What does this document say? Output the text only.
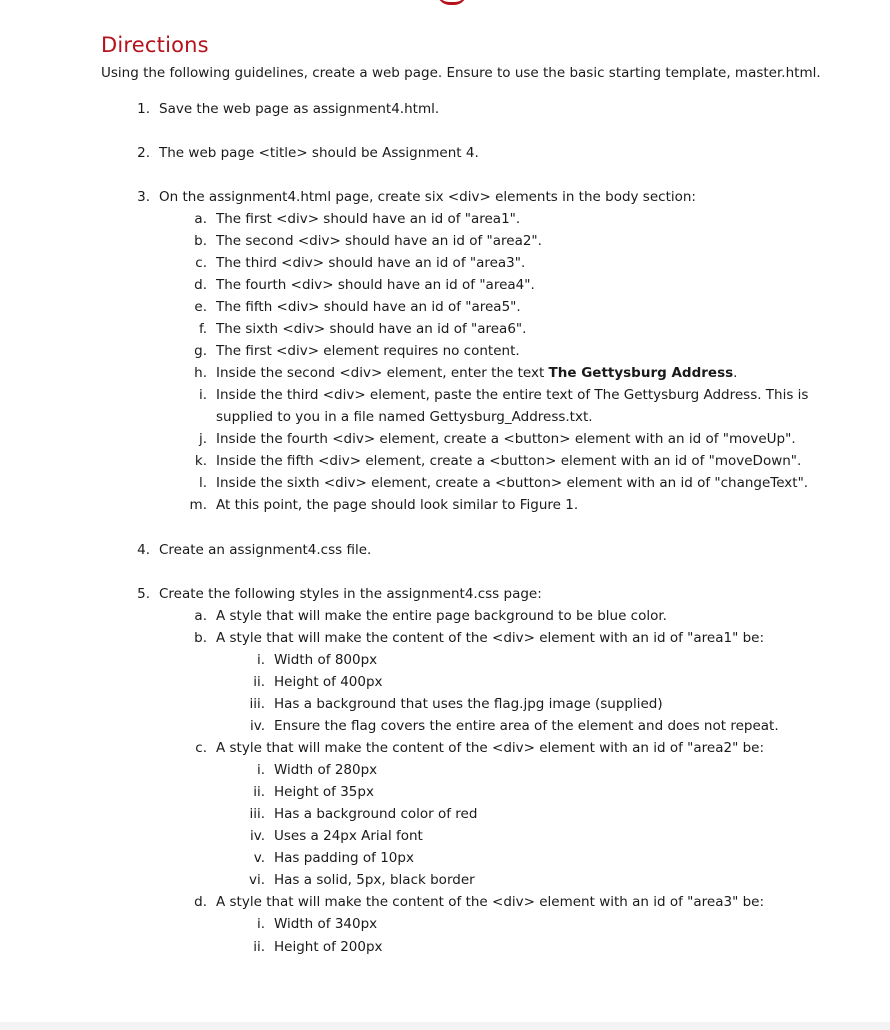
Directions

Using the following guidelines, create a web page. Ensure to use the basic starting template, master.html.

1. Save the web page as assignment4.html.
2. The web page <title> should be Assignment 4.
3. On the assignment4.html page, create six <div> elements in the body section:
a. The first <div> should have an id of "area1".
b. The second <div> should have an id of "area2".
c. The third <div> should have an id of "area3".
d. The fourth <div> should have an id of "area4".
e. The fifth <div> should have an id of "area5".
f. The sixth <div> should have an id of "area6".
g. The first <div> element requires no content.
h. Inside the second <div> element, enter the text The Gettysburg Address.
i. Inside the third <div> element, paste the entire text of The Gettysburg Address. This is
supplied to you in a file named Gettysburg_Address.txt.
j. Inside the fourth <div> element, create a <button> element with an id of "moveUp".
k. Inside the fifth <div> element, create a <button> element with an id of "moveDown".
l. Inside the sixth <div> element, create a <button> element with an id of "changeText".
m. At this point, the page should look similar to Figure 1.
4. Create an assignment4.css file.
5. Create the following styles in the assignment4.css page:
a. A style that will make the entire page background to be blue color.
b. A style that will make the content of the <div> element with an id of "area1" be:
i. Width of 800px
ii. Height of 400px
iii. Has a background that uses the flag.jpg image (supplied)
iv. Ensure the flag covers the entire area of the element and does not repeat.
c. A style that will make the content of the <div> element with an id of "area2" be:
i. Width of 280px
ii. Height of 35px
iii. Has a background color of red
iv. Uses a 24px Arial font
v. Has padding of 10px
vi. Has a solid, 5px, black border
d. A style that will make the content of the <div> element with an id of "area3" be:
i. Width of 340px
ii. Height of 200px
